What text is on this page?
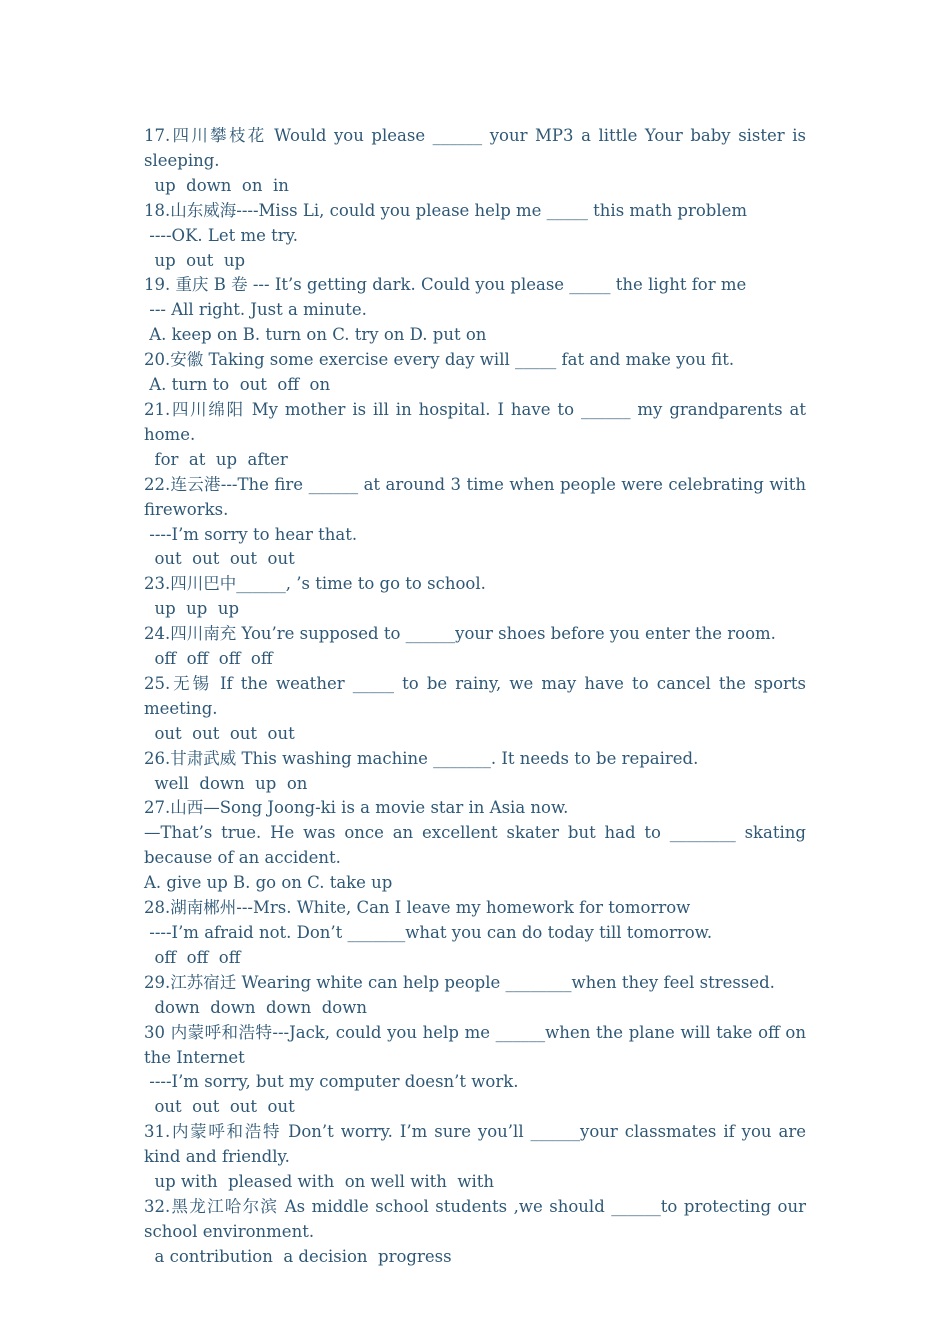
17.四川攀枝花 Would you please ______ your MP3 a little Your baby sister is
sleeping.
up  down  on  in
18.山东威海----Miss Li, could you please help me _____ this math problem
----OK. Let me try.
up  out  up
19. 重庆 B 卷 --- It’s getting dark. Could you please _____ the light for me
--- All right. Just a minute.
A. keep on B. turn on C. try on D. put on
20.安徽 Taking some exercise every day will _____ fat and make you fit.
A. turn to  out  off  on
21.四川绵阳 My mother is ill in hospital. I have to ______ my grandparents at home.
for  at  up  after
22.连云港---The fire ______ at around 3 time when people were celebrating with
fireworks.
----I’m sorry to hear that.
out  out  out  out
23.四川巴中______, ’s time to go to school.
up  up  up
24.四川南充 You’re supposed to ______your shoes before you enter the room.
off  off  off  off
25.无锡 If the weather _____ to be rainy, we may have to cancel the sports meeting.
out  out  out  out
26.甘肃武威 This washing machine _______. It needs to be repaired.
well  down  up  on
27.山西—Song Joong-ki is a movie star in Asia now.
—That’s true. He was once an excellent skater but had to ________ skating
because of an accident.
A. give up B. go on C. take up
28.湖南郴州---Mrs. White, Can I leave my homework for tomorrow
----I’m afraid not. Don’t _______what you can do today till tomorrow.
off  off  off
29.江苏宿迁 Wearing white can help people ________when they feel stressed.
down  down  down  down
30 内蒙呼和浩特---Jack, could you help me ______when the plane will take off on
the Internet
----I’m sorry, but my computer doesn’t work.
out  out  out  out
31.内蒙呼和浩特 Don’t worry. I’m sure you’ll ______your classmates if you are
kind and friendly.
up with  pleased with  on well with  with
32.黑龙江哈尔滨 As middle school students ,we should ______to protecting our
school environment.
a contribution  a decision  progress
